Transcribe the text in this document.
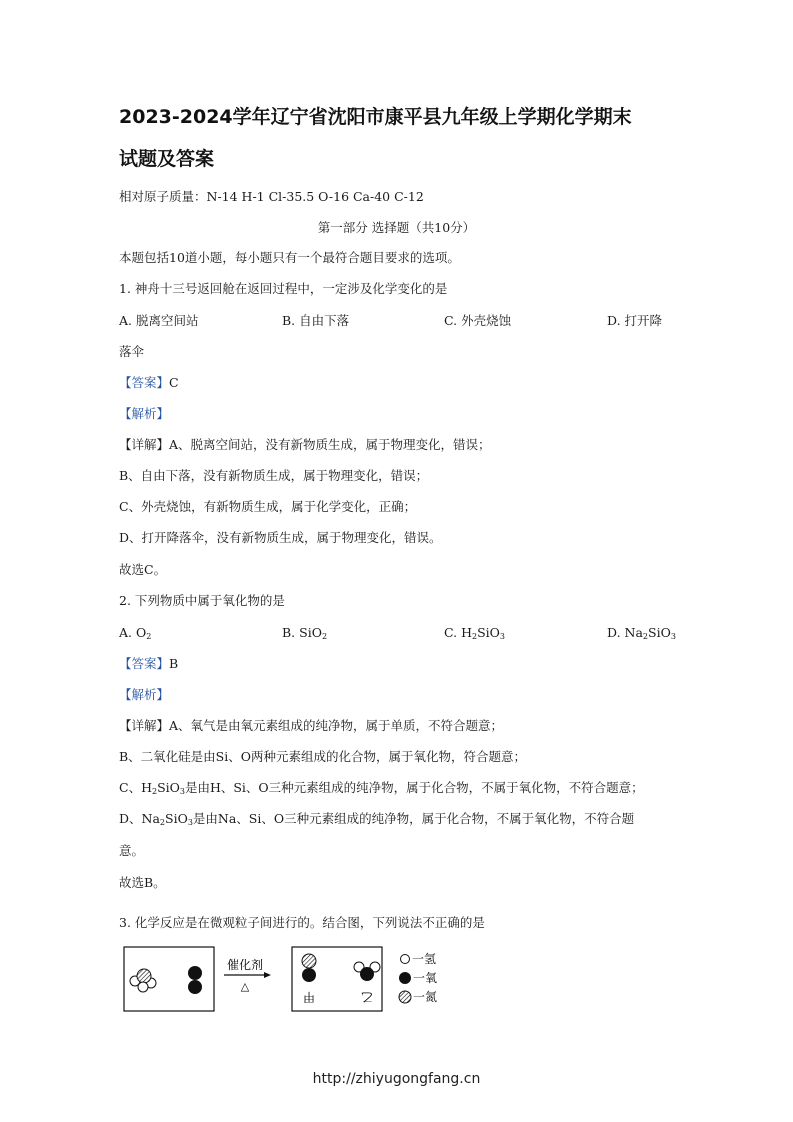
2023-2024学年辽宁省沈阳市康平县九年级上学期化学期末
试题及答案
相对原子质量：N-14 H-1 Cl-35.5 O-16 Ca-40 C-12
第一部分 选择题（共10分）
本题包括10道小题，每小题只有一个最符合题目要求的选项。
1. 神舟十三号返回舱在返回过程中，一定涉及化学变化的是
A. 脱离空间站	B. 自由下落	C. 外壳烧蚀	D. 打开降
落伞
【答案】C
【解析】
【详解】A、脱离空间站，没有新物质生成，属于物理变化，错误；
B、自由下落，没有新物质生成，属于物理变化，错误；
C、外壳烧蚀，有新物质生成，属于化学变化，正确；
D、打开降落伞，没有新物质生成，属于物理变化，错误。
故选C。
2. 下列物质中属于氧化物的是
A. $O_2$	B. SiO$_2$	C. $H_2SiO_3$	D. $Na_2SiO_3$
【答案】B
【解析】
【详解】A、氧气是由氧元素组成的纯净物，属于单质，不符合题意；
B、二氧化硅是由Si、O两种元素组成的化合物，属于氧化物，符合题意；
C、$H_2SiO_3$是由H、Si、O三种元素组成的纯净物，属于化合物，不属于氧化物，不符合题意；
D、$Na_2SiO_3$是由Na、Si、O三种元素组成的纯净物，属于化合物，不属于氧化物，不符合题
意。
故选B。
3. 化学反应是在微观粒子间进行的。结合图，下列说法不正确的是
催化剂
△
甲	乙
一氢
一氧
一氮
http://zhiyugongfang.cn
